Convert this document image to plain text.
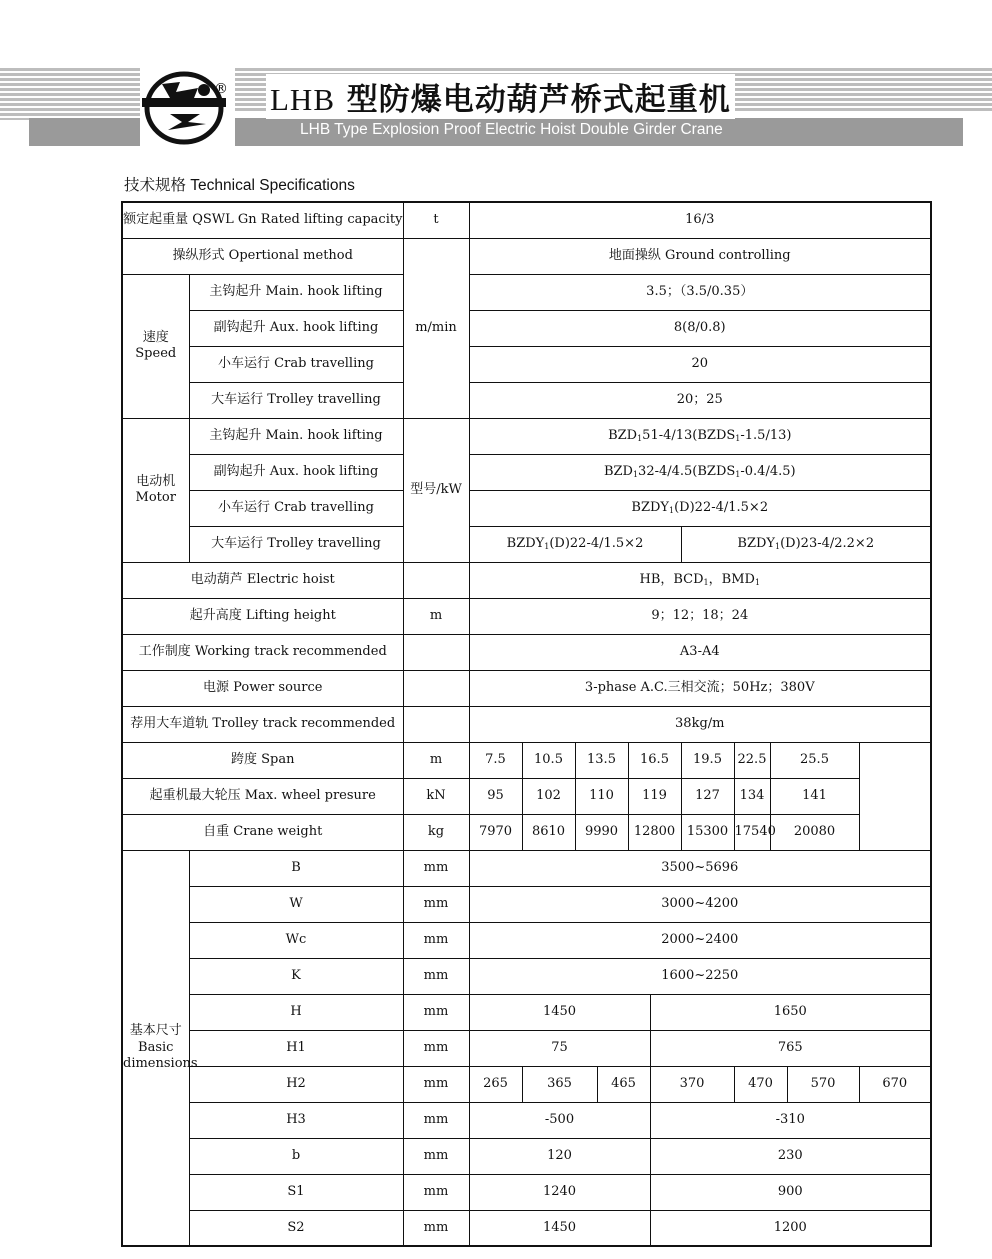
® LHB 型防爆电动葫芦桥式起重机
LHB Type Explosion Proof Electric Hoist Double Girder Crane
技术规格 Technical Specifications
额定起重量 QSWL Gn Rated lifting capacity		t	16/3										
操纵形式 Opertional method		m/min	地面操纵 Ground controlling										
速度
Speed	主钩起升 Main. hook lifting		3.5；（3.5/0.35）										
	副钩起升 Aux. hook lifting		8(8/0.8)										
	小车运行 Crab travelling		20										
	大车运行 Trolley travelling		20；25										
电动机
Motor	主钩起升 Main. hook lifting	型号/kW	$BZD_151-4/13(BZDS_1-1.5/13)$										
	副钩起升 Aux. hook lifting		$BZD_132-4/4.5(BZDS_1-0.4/4.5)$										
	小车运行 Crab travelling		$BZDY_1(D)22-4/1.5\times 2$										
	大车运行 Trolley travelling		$BZDY_1(D)22-4/1.5\times 2$						$BZDY_1(D)23-4/2.2\times 2$				
电动葫芦 Electric hoist			HB，$BCD_1$，$BMD_1$
起升高度 Lifting height		m	9；12；18；24										
工作制度 Working track recommended			A3-A4										
电源 Power source			3-phase A.C.三相交流；50Hz；380V										
荐用大车道轨 Trolley track recommended			38kg/m										
跨度 Span		m	7.5	10.5	13.5		16.5		19.5	22.5	25.5		
起重机最大轮压 Max. wheel presure		kN	95	102	110		119		127	134	141		
自重 Crane weight		kg	7970	8610	9990		12800		15300	17540	20080		
基本尺寸
Basic
dimensions	B	mm	3500~5696										
	W	mm	3000~4200										
	Wc	mm	2000~2400										
	K	mm	1600~2250										
	H	mm	1450					1650					
	H1	mm	75					765					
	H2	mm	265	365		465		370		470		570	670
	H3	mm	-500					-310					
	b	mm	120					230					
	S1	mm	1240					900					
	S2	mm	1450					1200					
